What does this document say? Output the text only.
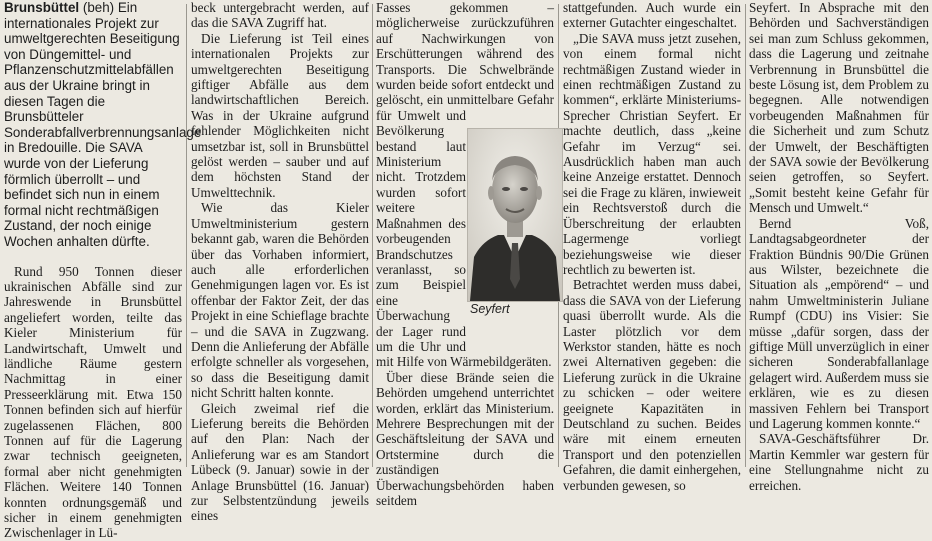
Brunsbüttel (beh) Ein internationales Projekt zur umweltgerechten Beseitigung von Düngemittel- und Pflanzenschutzmittelabfällen aus der Ukraine bringt in diesen Tagen die Brunsbütteler Sonderabfallverbrennungsanlage in Bredouille. Die SAVA wurde von der Lieferung förmlich überrollt – und befindet sich nun in einem formal nicht rechtmäßigen Zustand, der noch einige Wochen anhalten dürfte.

Rund 950 Tonnen dieser ukrainischen Abfälle sind zur Jahreswende in Brunsbüttel angeliefert worden, teilte das Kieler Ministerium für Landwirtschaft, Umwelt und ländliche Räume gestern Nachmittag in einer Presseerklärung mit. Etwa 150 Tonnen befinden sich auf hierfür zugelassenen Flächen, 800 Tonnen auf für die Lagerung zwar technisch geeigneten, formal aber nicht genehmigten Flächen. Weitere 140 Tonnen konnten ordnungsgemäß und sicher in einem genehmigten Zwischenlager in Lü-

beck untergebracht werden, auf das die SAVA Zugriff hat.

Die Lieferung ist Teil eines internationalen Projekts zur umweltgerechten Beseitigung giftiger Abfälle aus dem landwirtschaftlichen Bereich. Was in der Ukraine aufgrund fehlender Möglichkeiten nicht umsetzbar ist, soll in Brunsbüttel gelöst werden – sauber und auf dem höchsten Stand der Umwelttechnik.

Wie das Kieler Umweltministerium gestern bekannt gab, waren die Behörden über das Vorhaben informiert, auch alle erforderlichen Genehmigungen lagen vor. Es ist offenbar der Faktor Zeit, der das Projekt in eine Schieflage brachte – und die SAVA in Zugzwang. Denn die Anlieferung der Abfälle erfolgte schneller als vorgesehen, so dass die Beseitigung damit nicht Schritt halten konnte.

Gleich zweimal rief die Lieferung bereits die Behörden auf den Plan: Nach der Anlieferung war es am Standort Lübeck (9. Januar) sowie in der Anlage Brunsbüttel (16. Januar) zur Selbstentzündung jeweils eines

Fasses gekommen – möglicherweise zurückzuführen auf Nachwirkungen von Erschütterungen während des Transports. Die Schwelbrände wurden beide sofort entdeckt und gelöscht, ein unmittelbare Gefahr für Umwelt und Bevölkerung bestand laut Ministerium nicht. Trotzdem wurden sofort weitere Maßnahmen des vorbeugenden Brandschutzes veranlasst, so zum Beispiel eine Überwachung der Lager rund um die Uhr und mit Hilfe von Wärmebildgeräten.

Über diese Brände seien die Behörden umgehend unterrichtet worden, erklärt das Ministerium. Mehrere Besprechungen mit der Geschäftsleitung der SAVA und Ortstermine durch die zuständigen Überwachungsbehörden haben seitdem

stattgefunden. Auch wurde ein externer Gutachter eingeschaltet.

„Die SAVA muss jetzt zusehen, von einem formal nicht rechtmäßigen Zustand wieder in einen rechtmäßigen Zustand zu kommen“, erklärte Ministeriums-Sprecher Christian Seyfert. Er machte deutlich, dass „keine Gefahr im Verzug“ sei. Ausdrücklich haben man auch keine Anzeige erstattet. Dennoch sei die Frage zu klären, inwieweit ein Rechtsverstoß durch die Überschreitung der erlaubten Lagermenge vorliegt beziehungsweise wie dieser rechtlich zu bewerten ist.

Betrachtet werden muss dabei, dass die SAVA von der Lieferung quasi überrollt wurde. Als die Laster plötzlich vor dem Werkstor standen, hätte es noch zwei Alternativen gegeben: die Lieferung zurück in die Ukraine zu schicken – oder weitere geeignete Kapazitäten in Deutschland zu suchen. Beides wäre mit einem erneuten Transport und den potenziellen Gefahren, die damit einhergehen, verbunden gewesen, so

Seyfert. In Absprache mit den Behörden und Sachverständigen sei man zum Schluss gekommen, dass die Lagerung und zeitnahe Verbrennung in Brunsbüttel die beste Lösung ist, dem Problem zu begegnen. Alle notwendigen vorbeugenden Maßnahmen für die Sicherheit und zum Schutz der Umwelt, der Beschäftigten der SAVA sowie der Bevölkerung seien getroffen, so Seyfert. „Somit besteht keine Gefahr für Mensch und Umwelt.“

Bernd Voß, Landtagsabgeordneter der Fraktion Bündnis 90/Die Grünen aus Wilster, bezeichnete die Situation als „empörend“ – und nahm Umweltministerin Juliane Rumpf (CDU) ins Visier: Sie müsse „dafür sorgen, dass der giftige Müll unverzüglich in einer sicheren Sonderabfallanlage gelagert wird. Außerdem muss sie erklären, wie es zu diesen massiven Fehlern bei Transport und Lagerung kommen konnte.“

SAVA-Geschäftsführer Dr. Martin Kemmler war gestern für eine Stellungnahme nicht zu erreichen.

Seyfert
